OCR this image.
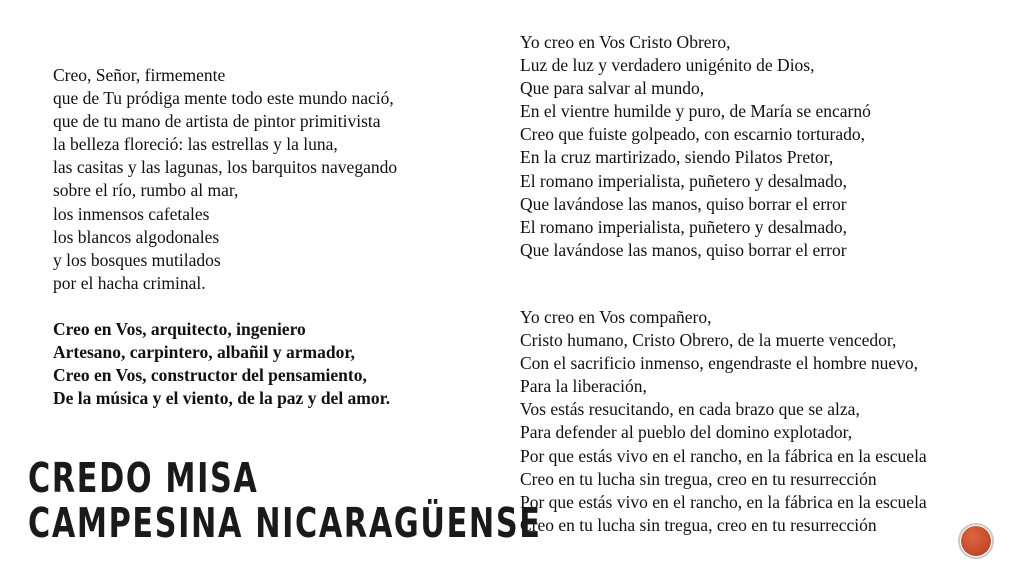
Creo, Señor, firmemente
que de Tu pródiga mente todo este mundo nació,
que de tu mano de artista de pintor primitivista
la belleza floreció: las estrellas y la luna,
las casitas y las lagunas, los barquitos navegando
sobre el río, rumbo al mar,
los inmensos cafetales
los blancos algodonales
y los bosques mutilados
por el hacha criminal.
Creo en Vos, arquitecto, ingeniero
Artesano, carpintero, albañil y armador,
Creo en Vos, constructor del pensamiento,
De la música y el viento, de la paz y del amor.
Yo creo en Vos Cristo Obrero,
Luz de luz y verdadero unigénito de Dios,
Que para salvar al mundo,
En el vientre humilde y puro, de María se encarnó
Creo que fuiste golpeado, con escarnio torturado,
En la cruz martirizado, siendo Pilatos Pretor,
El romano imperialista, puñetero y desalmado,
Que lavándose las manos, quiso borrar el error
El romano imperialista, puñetero y desalmado,
Que lavándose las manos, quiso borrar el error
Yo creo en Vos compañero,
Cristo humano, Cristo Obrero, de la muerte vencedor,
Con el sacrificio inmenso, engendraste el hombre nuevo,
Para la liberación,
Vos estás resucitando, en cada brazo que se alza,
Para defender al pueblo del domino explotador,
Por que estás vivo en el rancho, en la fábrica en la escuela
Creo en tu lucha sin tregua, creo en tu resurrección
Por que estás vivo en el rancho, en la fábrica en la escuela
Creo en tu lucha sin tregua, creo en tu resurrección
CREDO MISA
CAMPESINA NICARAGÜENSE
